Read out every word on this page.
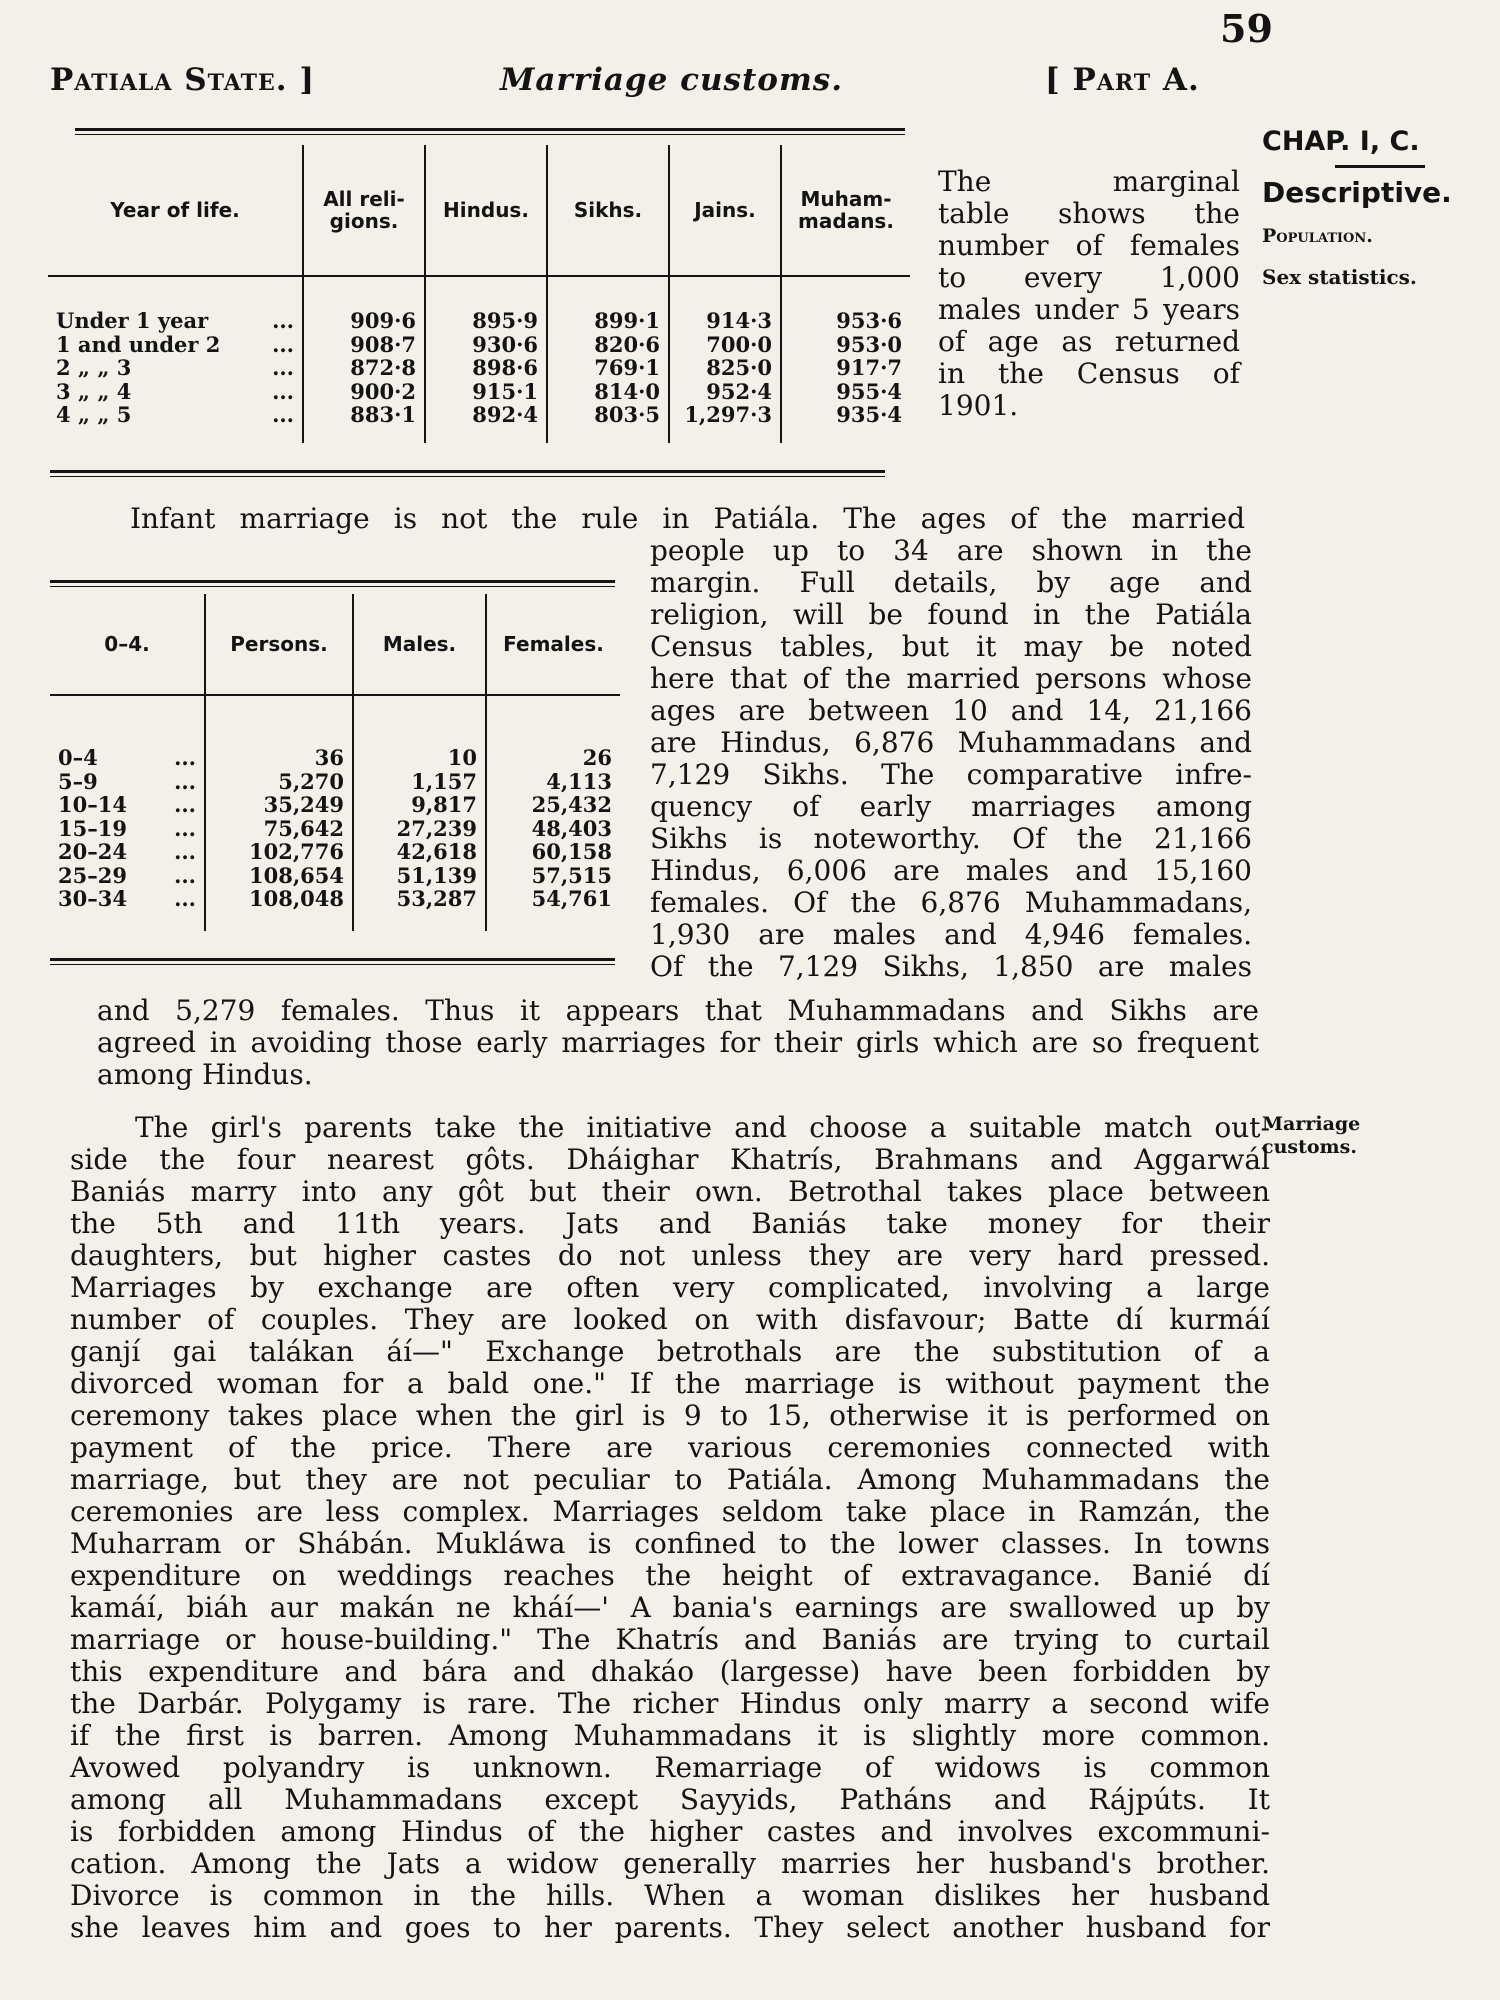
59
Patiala State. ]	Marriage customs.	[ Part A.
CHAP. I, C.
Descriptive.
Population.
Sex statistics.
Marriage customs.
Year of life.	All reli-gions.	Hindus.	Sikhs.	Jains.	Muham-madans.

Under 1 year ...	909·6	895·9	899·1	914·3	953·6
1 and under 2 ...	908·7	930·6	820·6	700·0	953·0
2 „ „ 3 ...	872·8	898·6	769·1	825·0	917·7
3 „ „ 4 ...	900·2	915·1	814·0	952·4	955·4
4 „ „ 5 ...	883·1	892·4	803·5	1,297·3	935·4

The marginal
table shows the
number of females
to every 1,000
males under 5 years
of age as returned
in the Census of
1901.
Infant marriage is not the rule in Patiála. The ages of the married
0–4.	Persons.	Males.	Females.

0–4 ...	36	10	26
5–9 ...	5,270	1,157	4,113
10–14 ...	35,249	9,817	25,432
15–19 ...	75,642	27,239	48,403
20–24 ...	102,776	42,618	60,158
25–29 ...	108,654	51,139	57,515
30–34 ...	108,048	53,287	54,761

people up to 34 are shown in the
margin. Full details, by age and
religion, will be found in the Patiála
Census tables, but it may be noted
here that of the married persons whose
ages are between 10 and 14, 21,166
are Hindus, 6,876 Muhammadans and
7,129 Sikhs. The comparative infre-
quency of early marriages among
Sikhs is noteworthy. Of the 21,166
Hindus, 6,006 are males and 15,160
females. Of the 6,876 Muhammadans,
1,930 are males and 4,946 females.
Of the 7,129 Sikhs, 1,850 are males
and 5,279 females. Thus it appears that Muhammadans and Sikhs are
agreed in avoiding those early marriages for their girls which are so frequent
among Hindus.
The girl's parents take the initiative and choose a suitable match out-
side the four nearest gôts. Dháighar Khatrís, Brahmans and Aggarwál
Baniás marry into any gôt but their own. Betrothal takes place between
the 5th and 11th years. Jats and Baniás take money for their
daughters, but higher castes do not unless they are very hard pressed.
Marriages by exchange are often very complicated, involving a large
number of couples. They are looked on with disfavour; Batte dí kurmáí
ganjí gai talákan áí—" Exchange betrothals are the substitution of a
divorced woman for a bald one." If the marriage is without payment the
ceremony takes place when the girl is 9 to 15, otherwise it is performed on
payment of the price. There are various ceremonies connected with
marriage, but they are not peculiar to Patiála. Among Muhammadans the
ceremonies are less complex. Marriages seldom take place in Ramzán, the
Muharram or Shábán. Mukláwa is confined to the lower classes. In towns
expenditure on weddings reaches the height of extravagance. Banié dí
kamáí, biáh aur makán ne kháí—' A bania's earnings are swallowed up by
marriage or house-building." The Khatrís and Baniás are trying to curtail
this expenditure and bára and dhakáo (largesse) have been forbidden by
the Darbár. Polygamy is rare. The richer Hindus only marry a second wife
if the first is barren. Among Muhammadans it is slightly more common.
Avowed polyandry is unknown. Remarriage of widows is common
among all Muhammadans except Sayyids, Patháns and Rájpúts. It
is forbidden among Hindus of the higher castes and involves excommuni-
cation. Among the Jats a widow generally marries her husband's brother.
Divorce is common in the hills. When a woman dislikes her husband
she leaves him and goes to her parents. They select another husband for
